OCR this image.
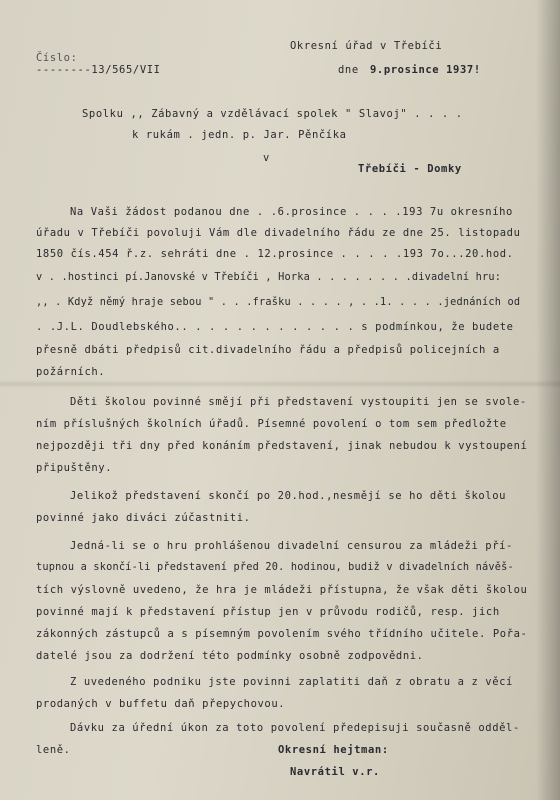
Okresní úřad v Třebíči
Číslo:
--------13/565/VII	dne 9.prosince 1937!
Spolku ,, Zábavný a vzdělávací spolek " Slavoj" . . . .
k rukám . jedn. p. Jar. Pěnčíka
v
Třebíči - Domky
Na Vaši žádost podanou dne . .6.prosince . . . .193 7u okresního
úřadu v Třebíči povoluji Vám dle divadelního řádu ze dne 25. listopadu
1850 čís.454 ř.z. sehráti dne . 12.prosince . . . . .193 7o...20.hod.
v . .hostinci pí.Janovské v Třebíči , Horka . . . . . . . .divadelní hru:
,, . Když němý hraje sebou " . . .frašku . . . . , . .1. . . . .jednáních od
. .J.L. Doudlebského.. . . . . . . . . . . . . s podmínkou, že budete
přesně dbáti předpisů cit.divadelního řádu a předpisů policejních a
požárních.
Děti školou povinné smějí při představení vystoupiti jen se svole-
ním příslušných školních úřadů. Písemné povolení o tom sem předložte
nejpozději tři dny před konáním představení, jinak nebudou k vystoupení
připuštěny.
Jelikož představení skončí po 20.hod.,nesmějí se ho děti školou
povinné jako diváci zúčastniti.
Jedná-li se o hru prohlášenou divadelní censurou za mládeži pří-
tupnou a skončí-li představení před 20. hodinou, budiž v divadelních návěš-
tích výslovně uvedeno, že hra je mládeži přístupna, že však děti školou
povinné mají k představení přístup jen v průvodu rodičů, resp. jich
zákonných zástupců a s písemným povolením svého třídního učitele. Pořa-
datelé jsou za dodržení této podmínky osobně zodpovědni.
Z uvedeného podniku jste povinni zaplatiti daň z obratu a z věcí
prodaných v buffetu daň přepychovou.
Dávku za úřední úkon za toto povolení předepisuji současně odděl-
leně.	Okresní hejtman:
Navrátil v.r.
